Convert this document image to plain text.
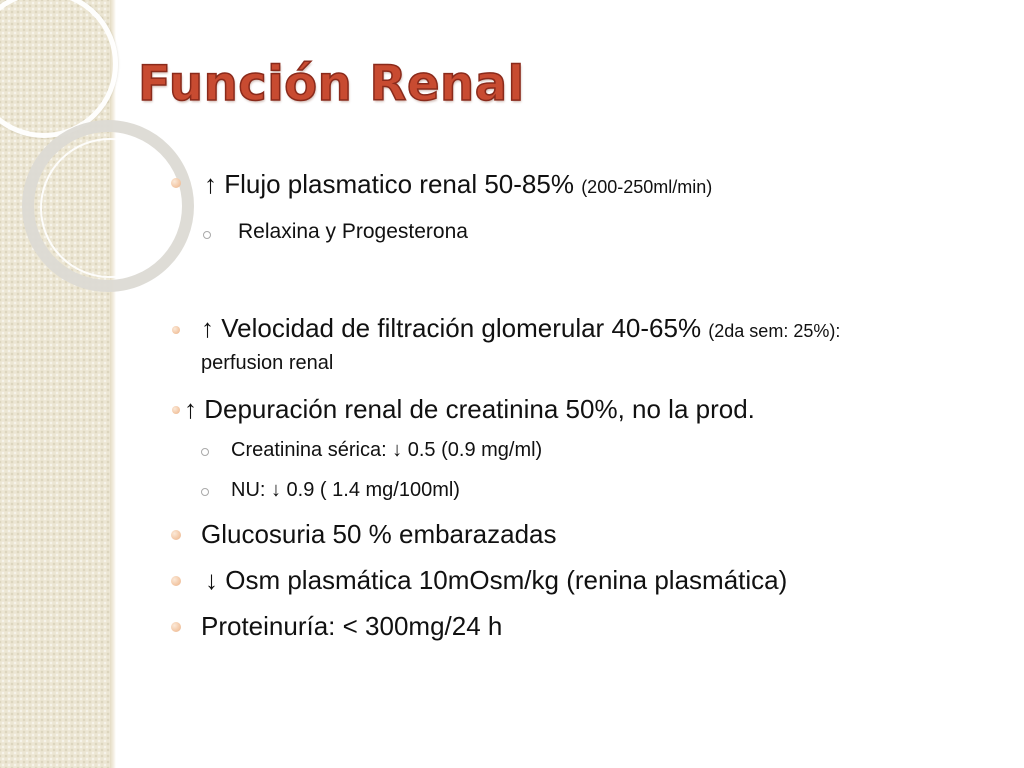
Función Renal
↑ Flujo plasmatico renal 50-85% (200-250ml/min)
Relaxina y Progesterona
↑ Velocidad de filtración glomerular 40-65% (2da sem: 25%):
perfusion renal
↑ Depuración renal de creatinina 50%, no la prod.
Creatinina sérica: ↓ 0.5 (0.9 mg/ml)
NU: ↓ 0.9 ( 1.4 mg/100ml)
Glucosuria 50 % embarazadas
↓ Osm plasmática 10mOsm/kg (renina plasmática)
Proteinuría: < 300mg/24 h
